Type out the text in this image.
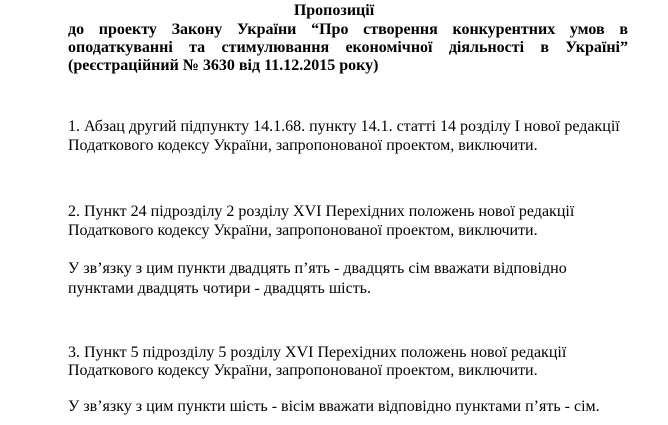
Пропозиції
до проекту Закону України “Про створення конкурентних умов в
оподаткуванні та стимулювання економічної діяльності в Україні”
(реєстраційний № 3630 від 11.12.2015 року)
1. Абзац другий підпункту 14.1.68. пункту 14.1. статті 14 розділу І нової редакції
Податкового кодексу України, запропонованої проектом, виключити.
2. Пункт 24 підрозділу 2 розділу XVI Перехідних положень нової редакції
Податкового кодексу України, запропонованої проектом, виключити.
У зв’язку з цим пункти двадцять п’ять - двадцять сім вважати відповідно
пунктами двадцять чотири - двадцять шість.
3. Пункт 5 підрозділу 5 розділу XVI Перехідних положень нової редакції
Податкового кодексу України, запропонованої проектом, виключити.
У зв’язку з цим пункти шість - вісім вважати відповідно пунктами п’ять - сім.
